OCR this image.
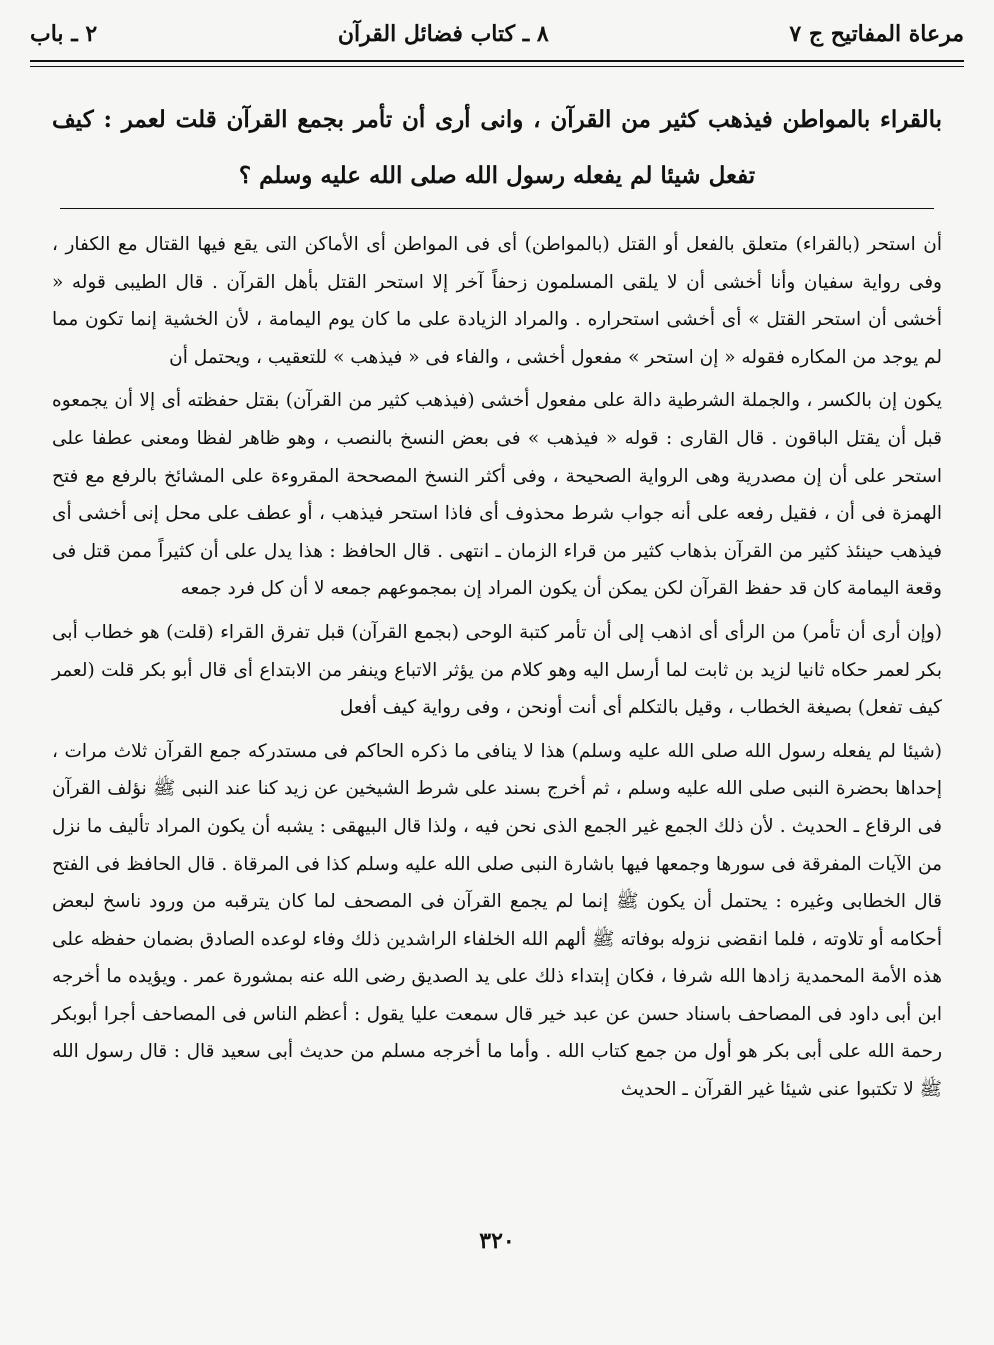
مرعاة المفاتيح ج ٧
٨ ـ كتاب فضائل القرآن
٢ ـ باب
بالقراء بالمواطن فيذهب كثير من القرآن ، وانى أرى أن تأمر بجمع القرآن قلت لعمر : كيف تفعل شيئا لم يفعله رسول الله صلى الله عليه وسلم ؟

أن استحر (بالقراء) متعلق بالفعل أو القتل (بالمواطن) أى فى المواطن أى الأماكن التى يقع فيها القتال مع الكفار ، وفى رواية سفيان وأنا أخشى أن لا يلقى المسلمون زحفاً آخر إلا استحر القتل بأهل القرآن . قال الطيبى قوله « أخشى أن استحر القتل » أى أخشى استحراره . والمراد الزيادة على ما كان يوم اليمامة ، لأن الخشية إنما تكون مما لم يوجد من المكاره فقوله « إن استحر » مفعول أخشى ، والفاء فى « فيذهب » للتعقيب ، ويحتمل أن

يكون إن بالكسر ، والجملة الشرطية دالة على مفعول أخشى (فيذهب كثير من القرآن) بقتل حفظته أى إلا أن يجمعوه قبل أن يقتل الباقون . قال القارى : قوله « فيذهب » فى بعض النسخ بالنصب ، وهو ظاهر لفظا ومعنى عطفا على استحر على أن إن مصدرية وهى الرواية الصحيحة ، وفى أكثر النسخ المصححة المقروءة على المشائخ بالرفع مع فتح الهمزة فى أن ، فقيل رفعه على أنه جواب شرط محذوف أى فاذا استحر فيذهب ، أو عطف على محل إنى أخشى أى فيذهب حينئذ كثير من القرآن بذهاب كثير من قراء الزمان ـ انتهى . قال الحافظ : هذا يدل على أن كثيراً ممن قتل فى وقعة اليمامة كان قد حفظ القرآن لكن يمكن أن يكون المراد إن بمجموعهم جمعه لا أن كل فرد جمعه

(وإن أرى أن تأمر) من الرأى أى اذهب إلى أن تأمر كتبة الوحى (بجمع القرآن) قبل تفرق القراء (قلت) هو خطاب أبى بكر لعمر حكاه ثانيا لزيد بن ثابت لما أرسل اليه وهو كلام من يؤثر الاتباع وينفر من الابتداع أى قال أبو بكر قلت (لعمر كيف تفعل) بصيغة الخطاب ، وقيل بالتكلم أى أنت أونحن ، وفى رواية كيف أفعل

(شيئا لم يفعله رسول الله صلى الله عليه وسلم) هذا لا ينافى ما ذكره الحاكم فى مستدركه جمع القرآن ثلاث مرات ، إحداها بحضرة النبى صلى الله عليه وسلم ، ثم أخرج بسند على شرط الشيخين عن زيد كنا عند النبى ﷺ نؤلف القرآن فى الرقاع ـ الحديث . لأن ذلك الجمع غير الجمع الذى نحن فيه ، ولذا قال البيهقى : يشبه أن يكون المراد تأليف ما نزل من الآيات المفرقة فى سورها وجمعها فيها باشارة النبى صلى الله عليه وسلم كذا فى المرقاة . قال الحافظ فى الفتح قال الخطابى وغيره : يحتمل أن يكون ﷺ إنما لم يجمع القرآن فى المصحف لما كان يترقبه من ورود ناسخ لبعض أحكامه أو تلاوته ، فلما انقضى نزوله بوفاته ﷺ ألهم الله الخلفاء الراشدين ذلك وفاء لوعده الصادق بضمان حفظه على هذه الأمة المحمدية زادها الله شرفا ، فكان إبتداء ذلك على يد الصديق رضى الله عنه بمشورة عمر . ويؤيده ما أخرجه ابن أبى داود فى المصاحف باسناد حسن عن عبد خير قال سمعت عليا يقول : أعظم الناس فى المصاحف أجرا أبوبكر رحمة الله على أبى بكر هو أول من جمع كتاب الله . وأما ما أخرجه مسلم من حديث أبى سعيد قال : قال رسول الله ﷺ لا تكتبوا عنى شيئا غير القرآن ـ الحديث

٣٢٠
